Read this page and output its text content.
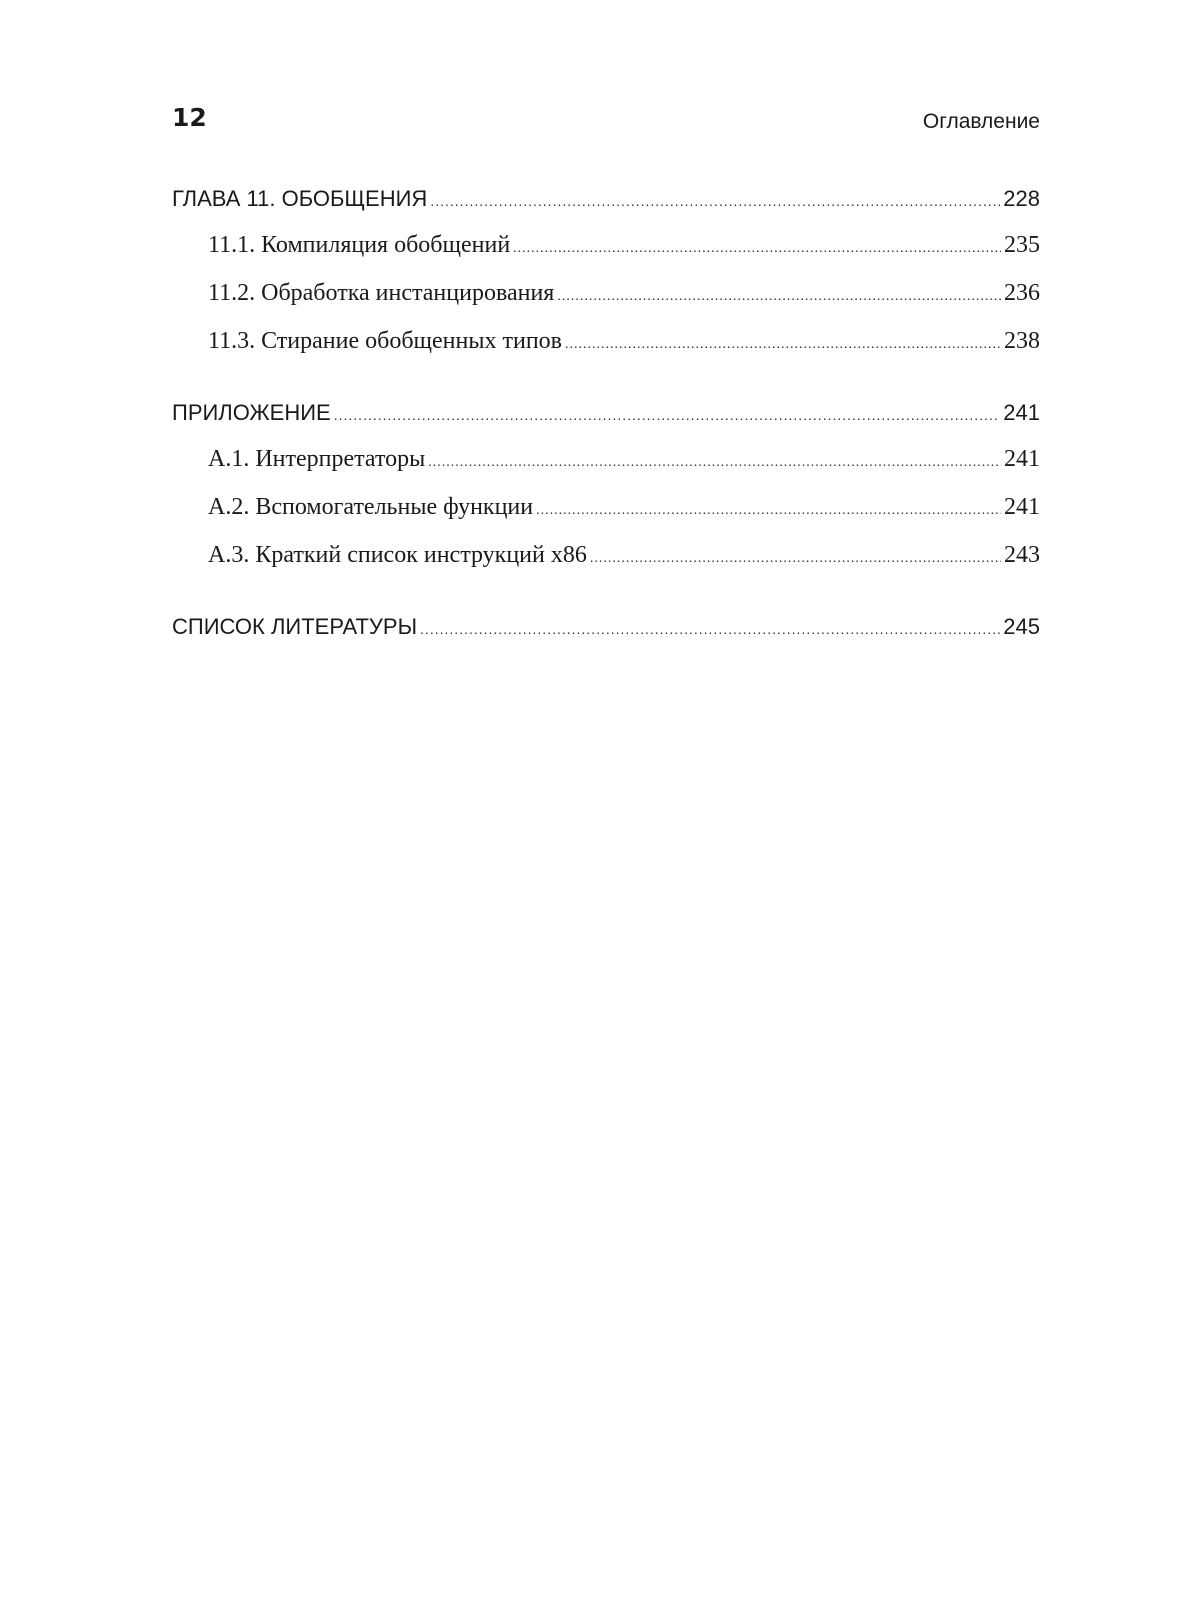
12	Оглавление
ГЛАВА 11. ОБОБЩЕНИЯ .....	228
11.1. Компиляция обобщений .....	235
11.2. Обработка инстанцирования .....	236
11.3. Стирание обобщенных типов .....	238
ПРИЛОЖЕНИЕ .....	241
А.1. Интерпретаторы .....	241
А.2. Вспомогательные функции .....	241
А.3. Краткий список инструкций x86 .....	243
СПИСОК ЛИТЕРАТУРЫ .....	245
